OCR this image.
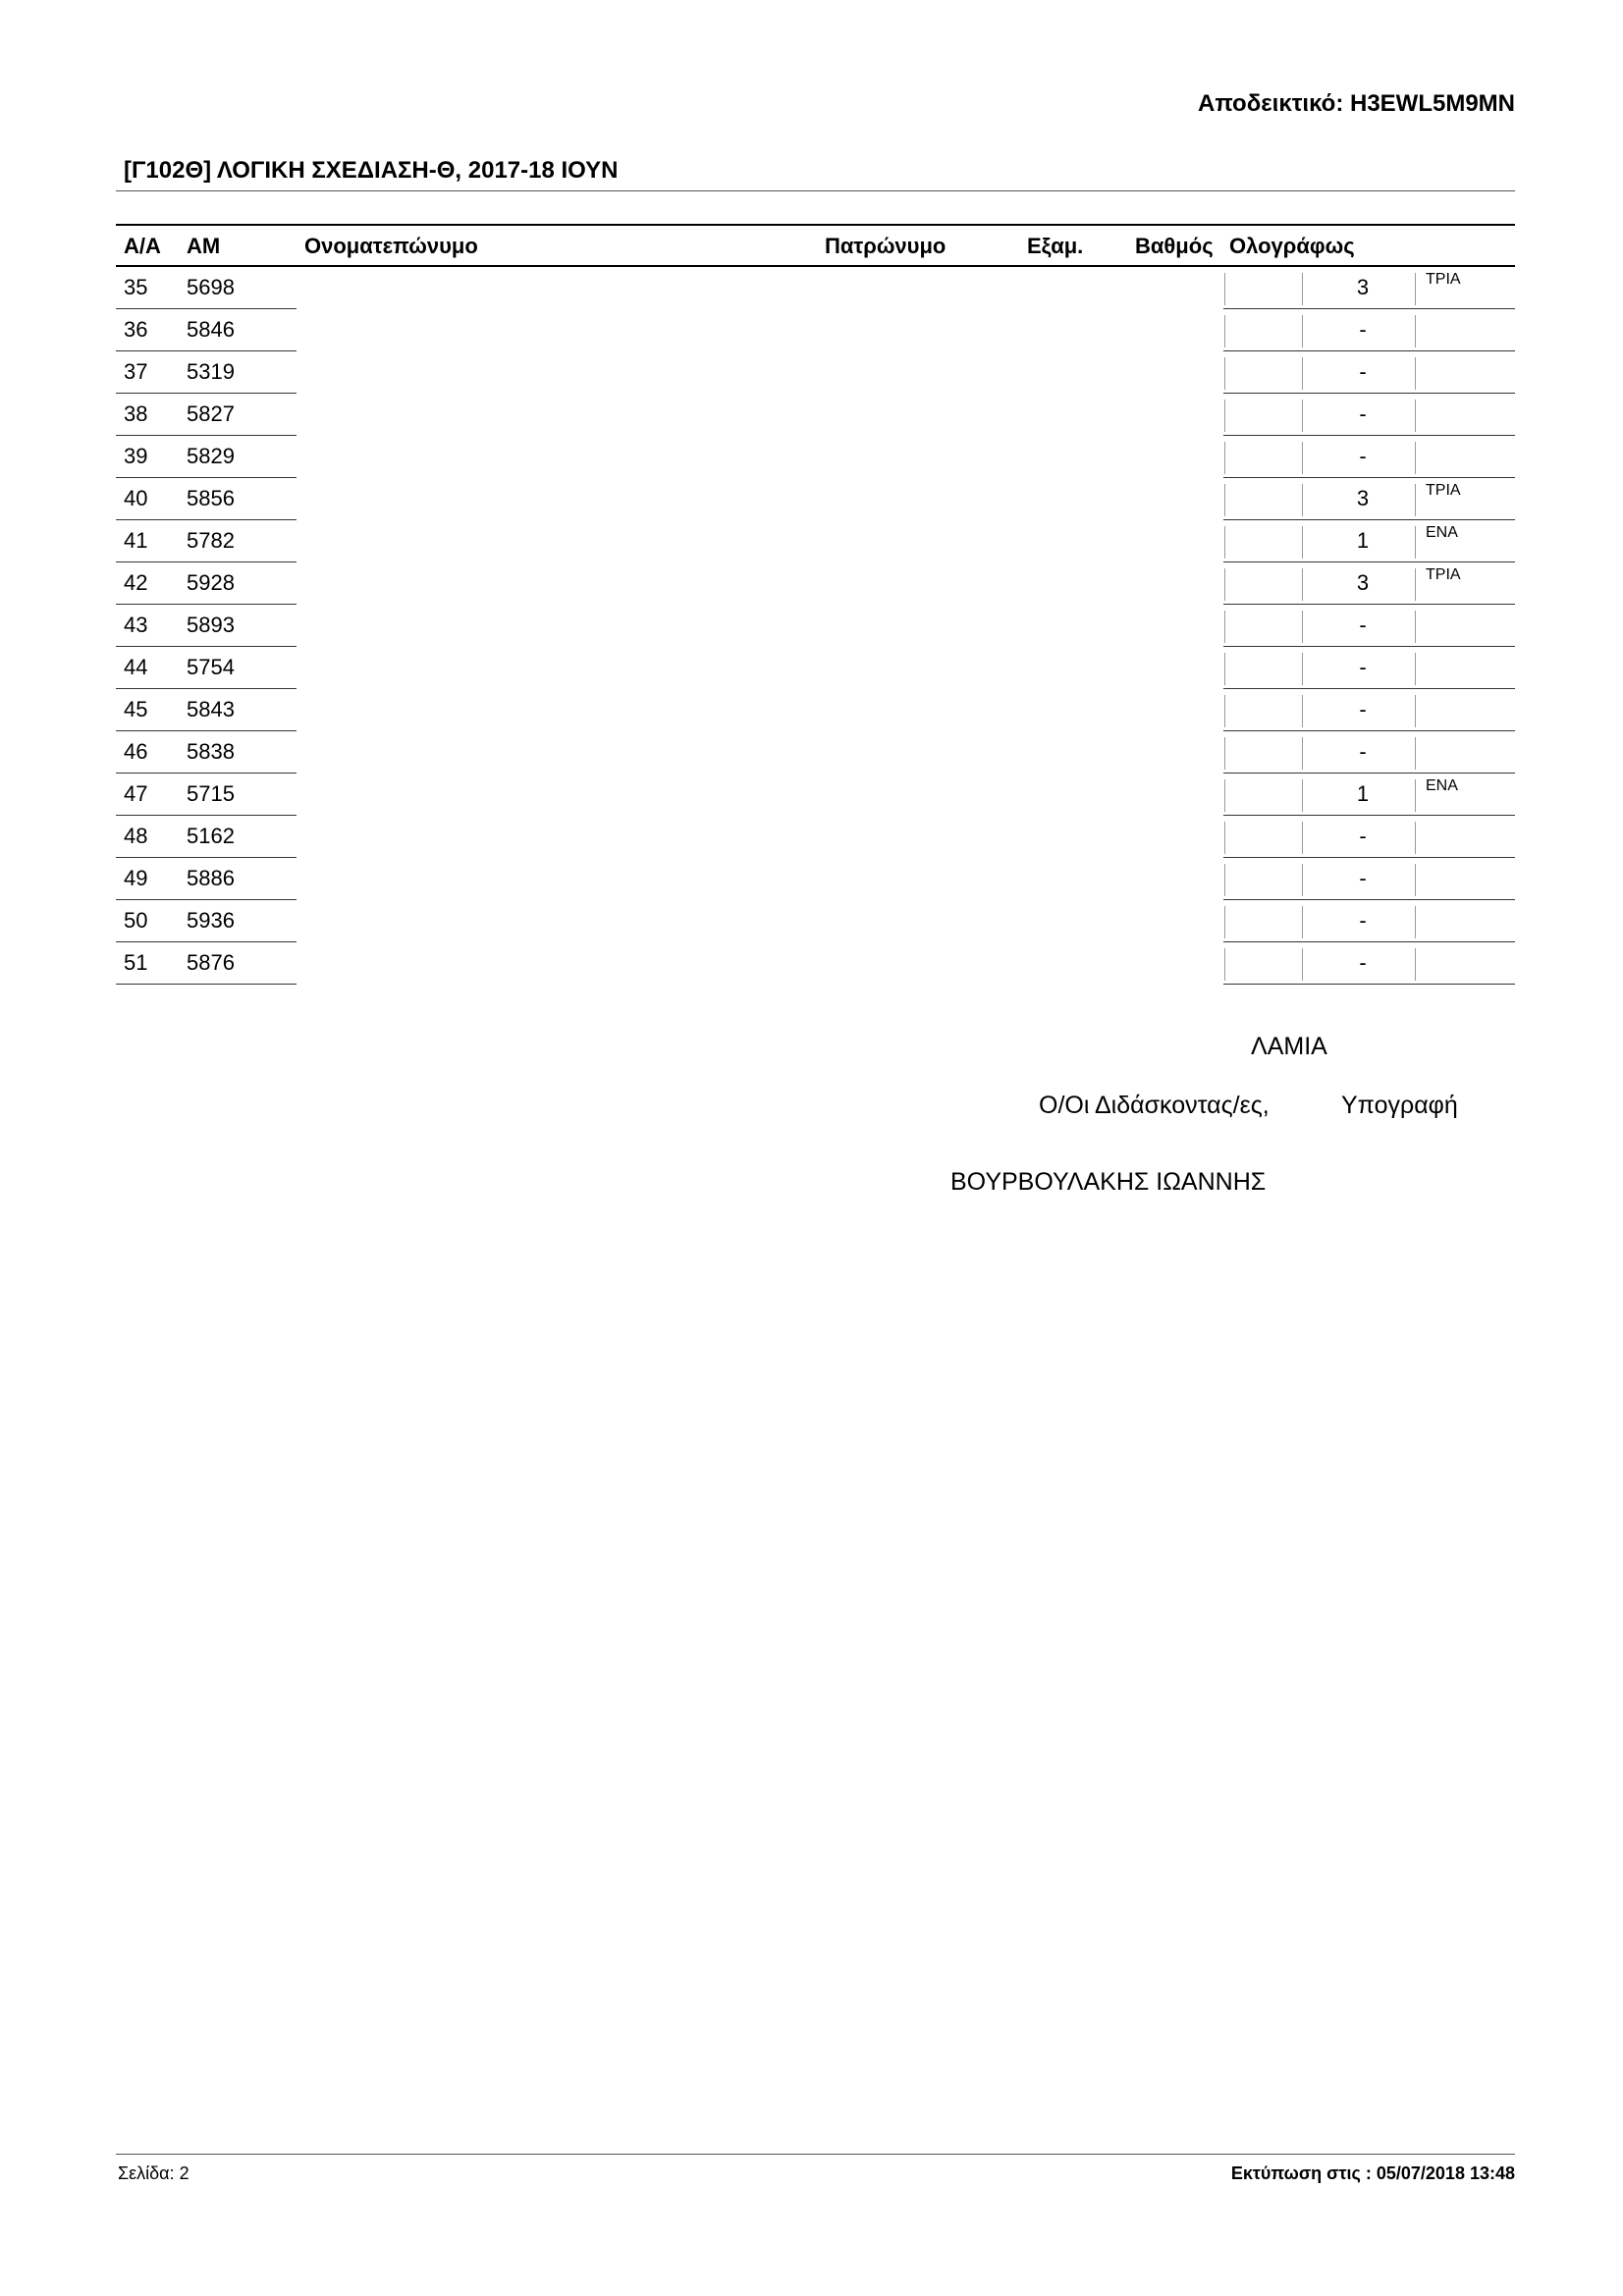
Αποδεικτικό: H3EWL5M9MN
[Γ102Θ] ΛΟΓΙΚΗ ΣΧΕΔΙΑΣΗ-Θ, 2017-18 ΙΟΥΝ
Α/Α ΑΜ	Ονοματεπώνυμο	Πατρώνυμο	Εξαμ. Βαθμός Ολογράφως
35 5698	3	ΤΡΙΑ
36 5846	-
37 5319	-
38 5827	-
39 5829	-
40 5856	3	ΤΡΙΑ
41 5782	1	ΕΝΑ
42 5928	3	ΤΡΙΑ
43 5893	-
44 5754	-
45 5843	-
46 5838	-
47 5715	1	ΕΝΑ
48 5162	-
49 5886	-
50 5936	-
51 5876	-
ΛΑΜΙΑ
Ο/Οι Διδάσκοντας/ες,	Υπογραφή
ΒΟΥΡΒΟΥΛΑΚΗΣ ΙΩΑΝΝΗΣ
Σελίδα: 2	Εκτύπωση στις : 05/07/2018 13:48
